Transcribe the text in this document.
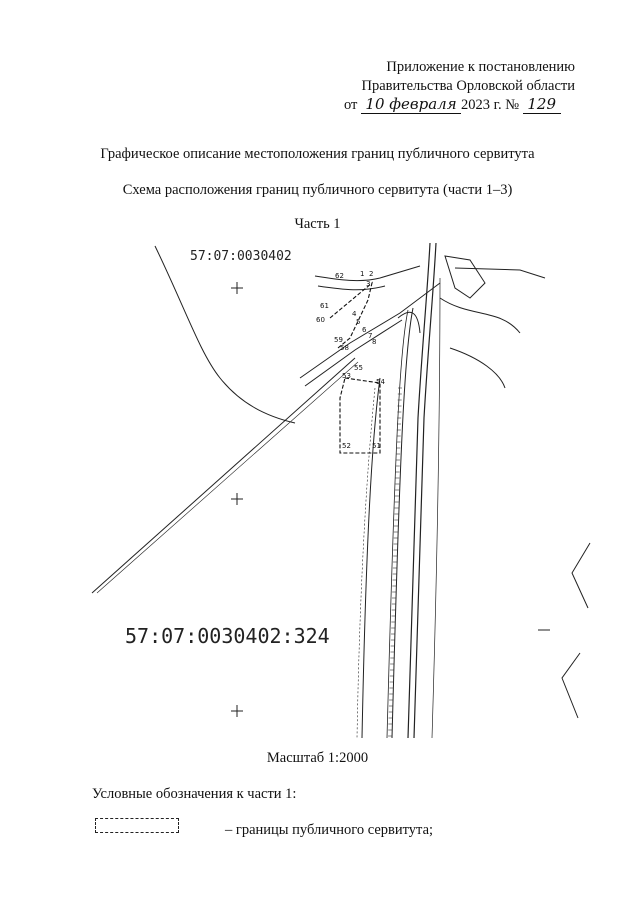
Приложение к постановлению
Правительства Орловской области
от 10 февраля 2023 г. № 129
Графическое описание местоположения границ публичного сервитута
Схема расположения границ публичного сервитута (части 1–3)
Часть 1
62 1 2
3
4
5
6
7
8
60
59
58
55
53
54
52	51
61
57:07:0030402
57:07:0030402:324
Масштаб 1:2000
Условные обозначения к части 1:
– границы публичного сервитута;
